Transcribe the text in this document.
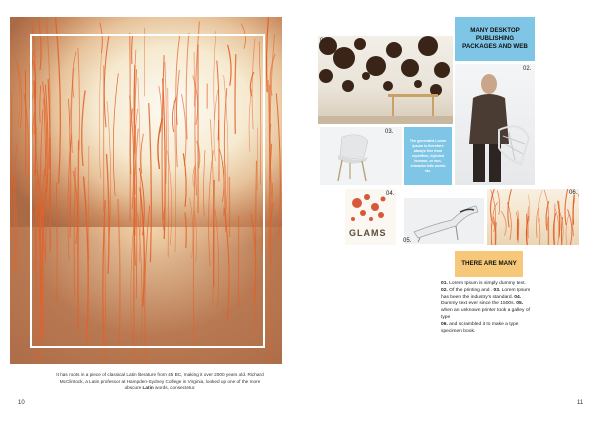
It has roots in a piece of classical Latin literature from 45 BC, making it over 2000 years old. Richard McClintock, a Latin professor at Hampden-Sydney College in Virginia, looked up one of the more obscure Latin words, consectetur.
10
MANY DESKTOP PUBLISHING PACKAGES AND WEB
01.
02.
03.
The generated Lorem Ipsum is therefore always free from repetition, injected humour, or non-characteristic words etc.
GLAMS
04.
05.
06.
THERE ARE MANY
01. Lorem Ipsum is simply dummy text. 02. Of the printing and . 03. Lorem Ipsum has been the industry's standard. 04. Dummy text ever since the 1500s. 05. when an unknown printer took a galley of type
06. and scrambled it to make a type specimen book.
11
